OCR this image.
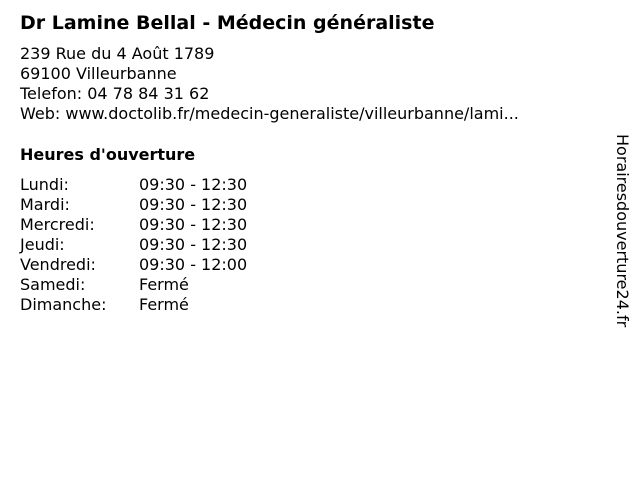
Dr Lamine Bellal - Médecin généraliste
239 Rue du 4 Août 1789
69100 Villeurbanne
Telefon: 04 78 84 31 62
Web: www.doctolib.fr/medecin-generaliste/villeurbanne/lami...
Heures d'ouverture
Lundi:	09:30 - 12:30
Mardi:	09:30 - 12:30
Mercredi:	09:30 - 12:30
Jeudi:	09:30 - 12:30
Vendredi:	09:30 - 12:00
Samedi:	Fermé
Dimanche:	Fermé	Horairesdouverture24.fr
